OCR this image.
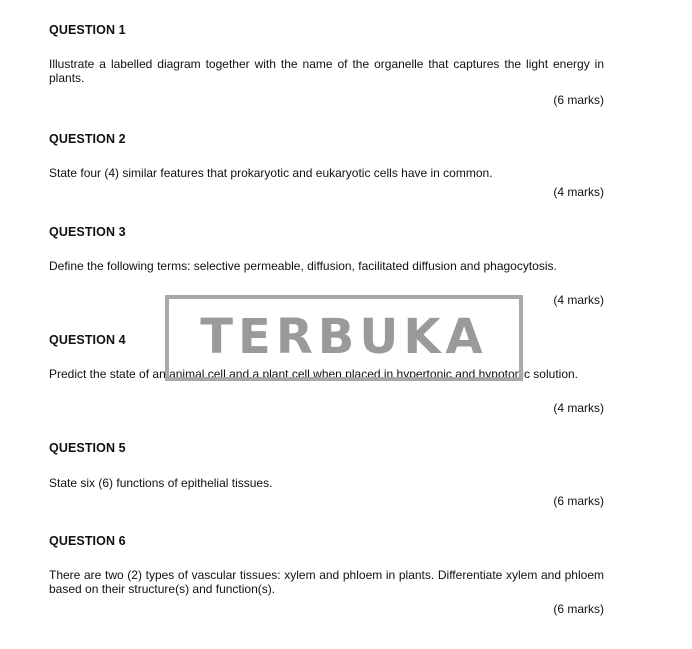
QUESTION 1
Illustrate a labelled diagram together with the name of the organelle that captures the light energy in plants.
(6 marks)
QUESTION 2
State four (4) similar features that prokaryotic and eukaryotic cells have in common.
(4 marks)
QUESTION 3
Define the following terms: selective permeable, diffusion, facilitated diffusion and phagocytosis.
(4 marks)
QUESTION 4
Predict the state of an animal cell and a plant cell when placed in hypertonic and hypotonic solution.
(4 marks)
QUESTION 5
State six (6) functions of epithelial tissues.
(6 marks)
QUESTION 6
There are two (2) types of vascular tissues: xylem and phloem in plants. Differentiate xylem and phloem based on their structure(s) and function(s).
(6 marks)
TERBUKA
